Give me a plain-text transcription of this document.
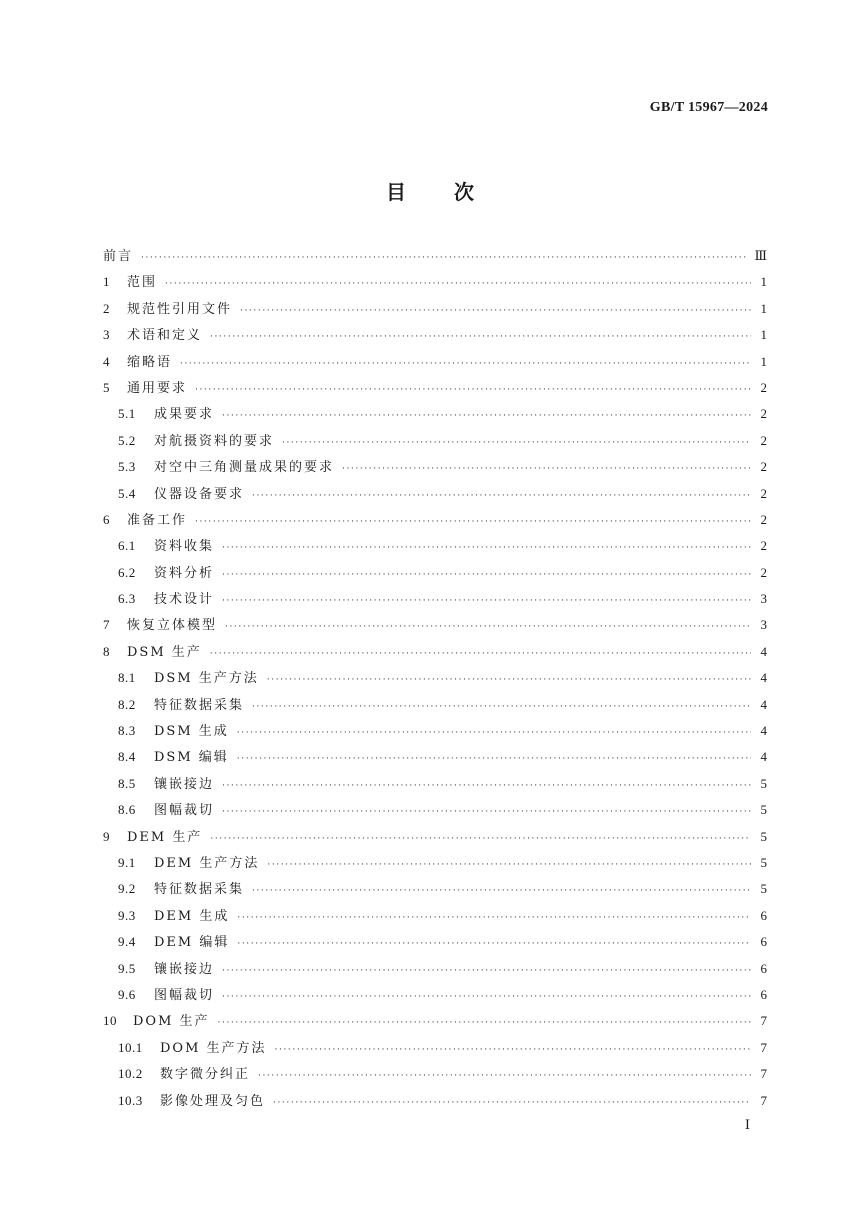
GB/T 15967—2024
目 次
前言 ·····	Ⅲ
1	范围 ·····	1
2	规范性引用文件 ·····	1
3	术语和定义 ·····	1
4	缩略语 ·····	1
5	通用要求 ·····	2
5.1	成果要求 ·····	2
5.2	对航摄资料的要求 ·····	2
5.3	对空中三角测量成果的要求 ·····	2
5.4	仪器设备要求 ·····	2
6	准备工作 ·····	2
6.1	资料收集 ·····	2
6.2	资料分析 ·····	2
6.3	技术设计 ·····	3
7	恢复立体模型 ·····	3
8	DSM 生产 ·····	4
8.1	DSM 生产方法 ·····	4
8.2	特征数据采集 ·····	4
8.3	DSM 生成 ·····	4
8.4	DSM 编辑 ·····	4
8.5	镶嵌接边 ·····	5
8.6	图幅裁切 ·····	5
9	DEM 生产 ·····	5
9.1	DEM 生产方法 ·····	5
9.2	特征数据采集 ·····	5
9.3	DEM 生成 ·····	6
9.4	DEM 编辑 ·····	6
9.5	镶嵌接边 ·····	6
9.6	图幅裁切 ·····	6
10	DOM 生产 ·····	7
10.1	DOM 生产方法 ·····	7
10.2	数字微分纠正 ·····	7
10.3	影像处理及匀色 ·····	7
Ⅰ
